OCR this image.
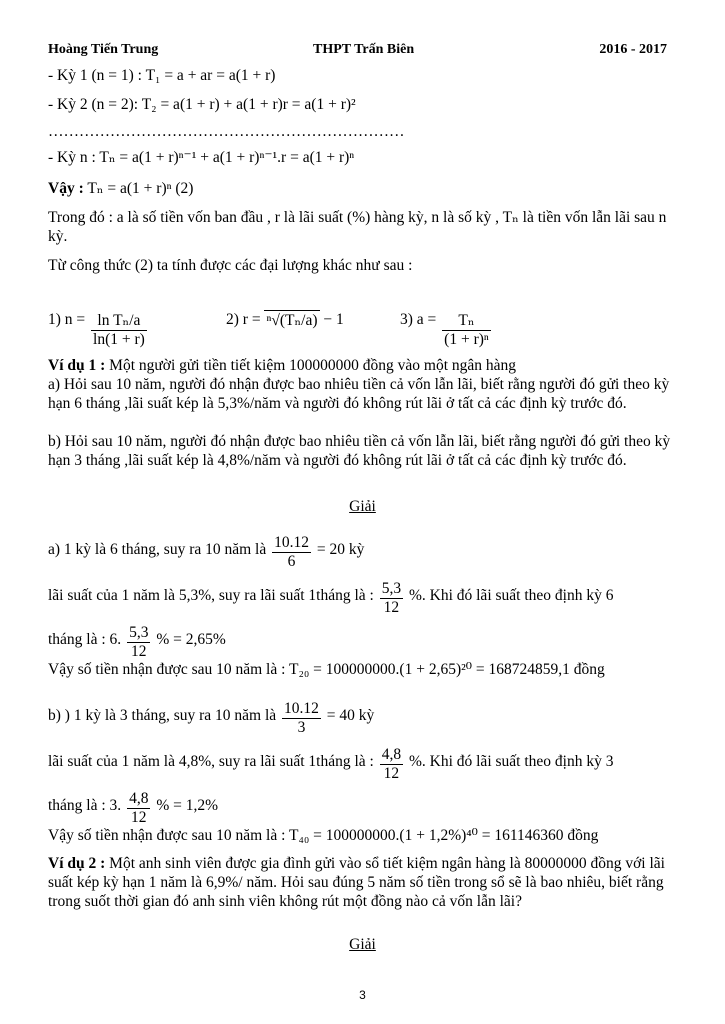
Hoàng Tiến Trung	THPT Trấn Biên	2016 - 2017
- Kỳ 1 (n = 1) : T₁ = a + ar = a(1 + r)
- Kỳ 2 (n = 2): T₂ = a(1 + r) + a(1 + r)r = a(1 + r)²
……………………………………………………………
- Kỳ n : Tₙ = a(1 + r)ⁿ⁻¹ + a(1 + r)ⁿ⁻¹.r = a(1 + r)ⁿ
Vậy : Tₙ = a(1 + r)ⁿ (2)
Trong đó : a là số tiền vốn ban đầu , r là lãi suất (%) hàng kỳ, n là số kỳ , Tₙ là tiền vốn lẫn lãi sau n kỳ.
Từ công thức (2) ta tính được các đại lượng khác như sau :
1) $n = \frac{\text{ln Tₙ/a}}{\ln(1 + r)}$	2) r = ⁿ√(Tₙ/a) − 1	3) $a = \frac{\text{Tₙ}}{\text{(1 + r)ⁿ}}$
Ví dụ 1 : Một người gửi tiền tiết kiệm 100000000 đồng vào một ngân hàng
a) Hỏi sau 10 năm, người đó nhận được bao nhiêu tiền cả vốn lẫn lãi, biết rằng người đó gửi theo kỳ hạn 6 tháng ,lãi suất kép là 5,3%/năm và người đó không rút lãi ở tất cả các định kỳ trước đó.
b) Hỏi sau 10 năm, người đó nhận được bao nhiêu tiền cả vốn lẫn lãi, biết rằng người đó gửi theo kỳ hạn 3 tháng ,lãi suất kép là 4,8%/năm và người đó không rút lãi ở tất cả các định kỳ trước đó.
Giải
a) 1 kỳ là 6 tháng, suy ra 10 năm là $\frac{10.12}{6} = 20$ kỳ
lãi suất của 1 năm là 5,3%, suy ra lãi suất 1tháng là : $\frac{5,3}{12}$ %. Khi đó lãi suất theo định kỳ 6
tháng là : 6. $\frac{5,3}{12}$ % = 2,65%
Vậy số tiền nhận được sau 10 năm là : T₂₀ = 100000000.(1 + 2,65)²⁰ = 168724859,1 đồng
b) ) 1 kỳ là 3 tháng, suy ra 10 năm là $\frac{10.12}{3} = 40$ kỳ
lãi suất của 1 năm là 4,8%, suy ra lãi suất 1tháng là : $\frac{4,8}{12}$ %. Khi đó lãi suất theo định kỳ 3
tháng là : 3. $\frac{4,8}{12}$ % = 1,2%
Vậy số tiền nhận được sau 10 năm là : T₄₀ = 100000000.(1 + 1,2%)⁴⁰ = 161146360 đồng
Ví dụ 2 : Một anh sinh viên được gia đình gửi vào sổ tiết kiệm ngân hàng là 80000000 đồng với lãi suất kép kỳ hạn 1 năm là 6,9%/ năm. Hỏi sau đúng 5 năm số tiền trong sổ sẽ là bao nhiêu, biết rằng trong suốt thời gian đó anh sinh viên không rút một đồng nào cả vốn lẫn lãi?
Giải
3
